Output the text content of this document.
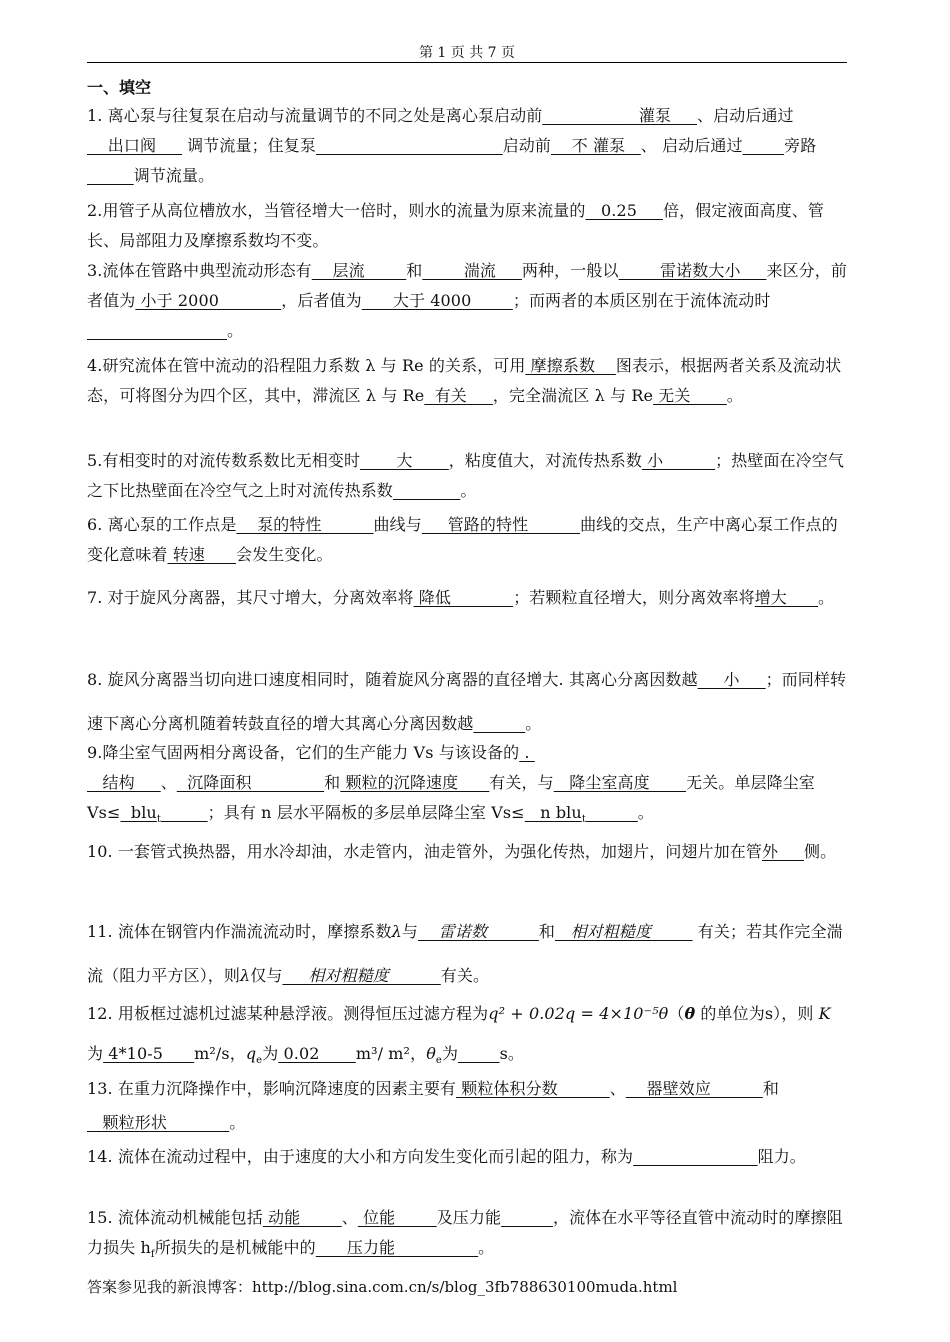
第 1 页 共 7 页
一、填空

1. 离心泵与往复泵在启动与流量调节的不同之处是离心泵启动前__________   灌泵     、启动后通过    出口阀      调节流量；住复泵	启动前    不 灌泵   、 启动后通过	旁路         调节流量。

2.用管子从高位槽放水，当管径增大一倍时，则水的流量为原来流量的   0.25     倍，假定液面高度、管长、局部阻力及摩擦系数均不变。

3.流体在管路中典型流动形态有    层流        和        湍流     两种，一般以        雷诺数大小     来区分，前者值为 小于 2000            ，后者值为      大于 4000        ；而两者的本质区别在于流体流动时                           。

4.研究流体在管中流动的沿程阻力系数 λ 与 Re 的关系，可用 摩擦系数    图表示，根据两者关系及流动状态，可将图分为四个区，其中，滞流区 λ 与 Re  有关     ，完全湍流区 λ 与 Re 无关       。

5.有相变时的对流传数系数比无相变时       大       ，粘度值大，对流传热系数 小          ；热壁面在冷空气之下比热壁面在冷空气之上时对流传热系数	。

6. 离心泵的工作点是    泵的特性          曲线与     管路的特性          曲线的交点，生产中离心泵工作点的变化意味着 转速      会发生变化。

7. 对于旋风分离器，其尺寸增大，分离效率将 降低            ；若颗粒直径增大，则分离效率将增大      。

8. 旋风分离器当切向进口速度相同时，随着旋风分离器的直径增大. 其离心分离因数越     小     ；而同样转速下离心分离机随着转鼓直径的增大其离心分离因数越	。

9.降尘室气固两相分离设备，它们的生产能力 Vs 与该设备的 .
结构     、  沉降面积              和 颗粒的沉降速度      有关，与   降尘室高度       无关。单层降尘室 Vs≤  blu$_t$	；具有 n 层水平隔板的多层单层降尘室 Vs≤   n blu$_t$	。

10. 一套管式换热器，用水冷却油，水走管内，油走管外，为强化传热，加翅片，问翅片加在管外     侧。

11. 流体在钢管内作湍流流动时，摩擦系数λ与    雷诺数          和   相对粗糙度         有关；若其作完全湍流（阻力平方区），则λ仅与     相对粗糙度          有关。

12. 用板框过滤机过滤某种悬浮液。测得恒压过滤方程为q² + 0.02q = 4×10⁻⁵θ（θ 的单位为s），则 K 为 4*10-5      m²/s，$q_e$为 0.02       m³/ m²，$\theta_e$为	s。

13. 在重力沉降操作中，影响沉降速度的因素主要有 颗粒体积分数          、    器壁效应          和   颗粒形状            。

14. 流体在流动过程中，由于速度的大小和方向发生变化而引起的阻力，称为	阻力。

15. 流体流动机械能包括 动能        、 位能        及压力能	，流体在水平等径直管中流动时的摩擦阻力损失 $h_f$所损失的是机械能中的      压力能	。

答案参见我的新浪博客：http://blog.sina.com.cn/s/blog_3fb788630100muda.html
